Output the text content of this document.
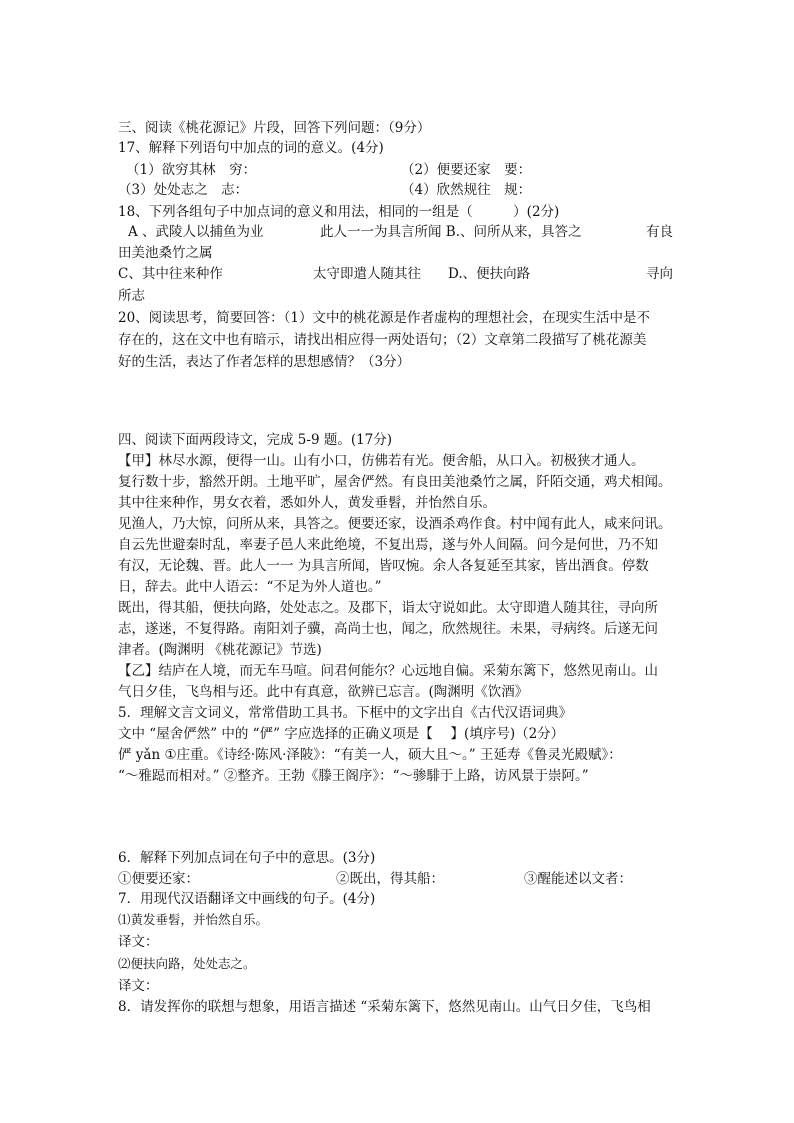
三、阅读《桃花源记》片段，回答下列问题：（9分）
17、解释下列语句中加点的词的意义。(4分)
（1）欲穷其林　穷：	（2）便要还家　要：
（3）处处志之　志：	（4）欣然规往　规：
18、下列各组句子中加点词的意义和用法，相同的一组是（　　　）(2分)
A 、武陵人以捕鱼为业	此人一一为具言所闻 B.、问所从来，具答之	有良
田美池桑竹之属
C、其中往来种作	太守即遣人随其往 D.、便扶向路	寻向
所志
20、阅读思考，简要回答：（1）文中的桃花源是作者虚构的理想社会，在现实生活中是不
存在的，这在文中也有暗示，请找出相应得一两处语句；（2）文章第二段描写了桃花源美
好的生活，表达了作者怎样的思想感情？（3分）
四、阅读下面两段诗文，完成 5-9 题。(17分)
【甲】林尽水源，便得一山。山有小口，仿佛若有光。便舍船，从口入。初极狭才通人。
复行数十步，豁然开朗。土地平旷，屋舍俨然。有良田美池桑竹之属，阡陌交通，鸡犬相闻。
其中往来种作，男女衣着，悉如外人，黄发垂髫，并怡然自乐。
见渔人，乃大惊，问所从来，具答之。便要还家，设酒杀鸡作食。村中闻有此人，咸来问讯。
自云先世避秦时乱，率妻子邑人来此绝境，不复出焉，遂与外人间隔。问今是何世，乃不知
有汉，无论魏、晋。此人一一 为具言所闻，皆叹惋。余人各复延至其家，皆出酒食。停数
日，辞去。此中人语云：“不足为外人道也。”
既出，得其船，便扶向路，处处志之。及郡下，诣太守说如此。太守即遣人随其往，寻向所
志，遂迷，不复得路。南阳刘子骥，高尚士也，闻之，欣然规往。未果，寻病终。后遂无问
津者。(陶渊明 《桃花源记》节选)
【乙】结庐在人境，而无车马喧。问君何能尔？心远地自偏。采菊东篱下，悠然见南山。山
气日夕佳，飞鸟相与还。此中有真意，欲辨已忘言。(陶渊明《饮酒》
5．理解文言文词义，常常借助工具书。下框中的文字出自《古代汉语词典》
文中 “屋舍俨然” 中的 “俨” 字应选择的正确义项是【　 】(填序号)（2分）
俨 yǎn ①庄重。《诗经·陈风·泽陂》：“有美一人，硕大且～。” 王延寿《鲁灵光殿赋》：
“～雅跽而相对。” ②整齐。王勃《滕王阁序》：“～骖騑于上路，访风景于崇阿。”
6．解释下列加点词在句子中的意思。(3分)
①便要还家：	②既出，得其船：	③醒能述以文者：
7．用现代汉语翻译文中画线的句子。(4分)
⑴黄发垂髫，并怡然自乐。
译文：
⑵便扶向路，处处志之。
译文：
8．请发挥你的联想与想象，用语言描述 “采菊东篱下，悠然见南山。山气日夕佳，飞鸟相
